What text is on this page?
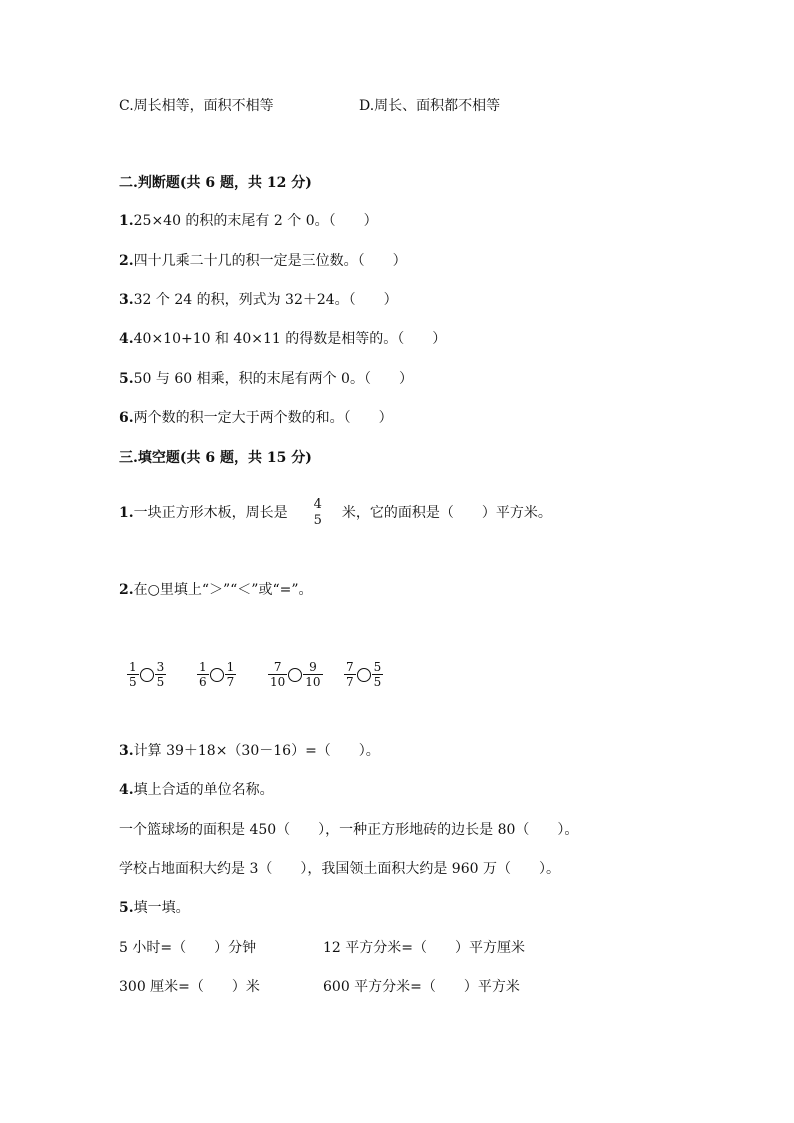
C.周长相等，面积不相等	D.周长、面积都不相等
二.判断题(共 6 题，共 12 分)
1.25×40 的积的末尾有 2 个 0。（　　）
2.四十几乘二十几的积一定是三位数。（　　）
3.32 个 24 的积，列式为 32＋24。（　　）
4.40×10+10 和 40×11 的得数是相等的。（　　）
5.50 与 60 相乘，积的末尾有两个 0。（　　）
6.两个数的积一定大于两个数的和。（　　）
三.填空题(共 6 题，共 15 分)
1. 一块正方形木板，周长是
4
5 米，它的面积是（　　）平方米。
2.在○里填上“＞”“＜”或“=”。
$\frac{1}{5} \frac{3}{5}$	$\frac{1}{6} \frac{1}{7}$	$\frac{7}{10} \frac{9}{10} \frac{7}{7} \frac{5}{5}$
3.计算 39＋18×（30－16）=（　　）。
4.填上合适的单位名称。
一个篮球场的面积是 450（　　），一种正方形地砖的边长是 80（　　）。
学校占地面积大约是 3（　　），我国领土面积大约是 960 万（　　）。
5.填一填。
5 小时=（　　）分钟	12 平方分米=（　　）平方厘米
300 厘米=（　　）米	600 平方分米=（　　）平方米
